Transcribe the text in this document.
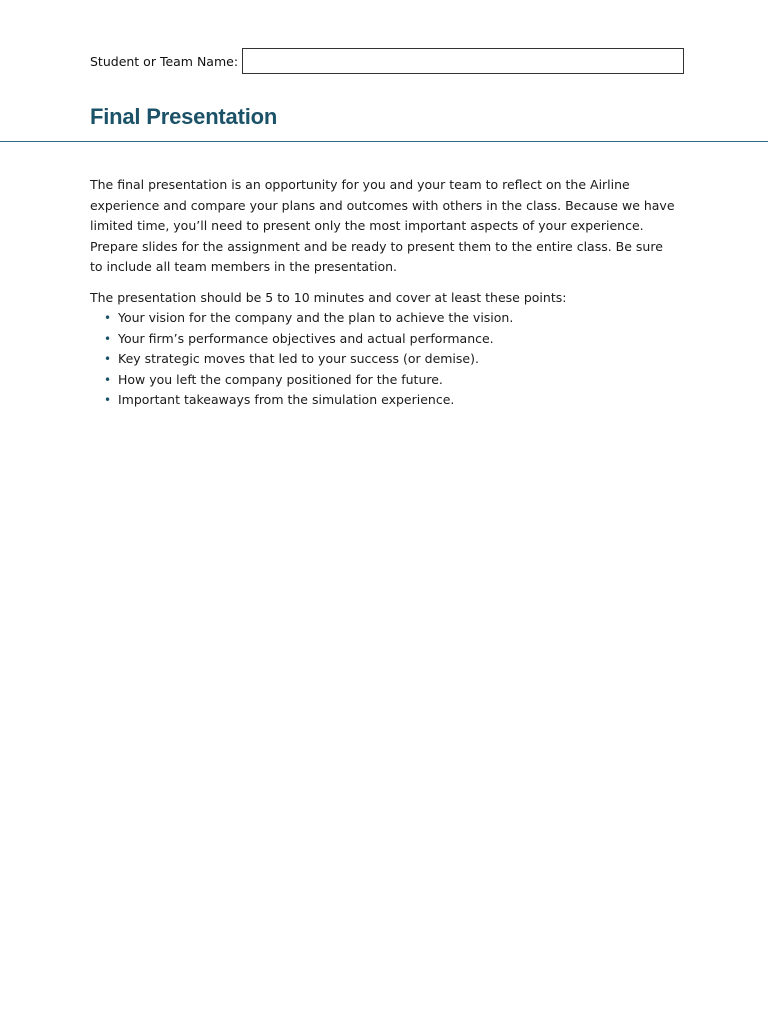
Student or Team Name:
Final Presentation

The final presentation is an opportunity for you and your team to reflect on the Airline experience and compare your plans and outcomes with others in the class. Because we have limited time, you’ll need to present only the most important aspects of your experience. Prepare slides for the assignment and be ready to present them to the entire class. Be sure to include all team members in the presentation.

The presentation should be 5 to 10 minutes and cover at least these points:

• Your vision for the company and the plan to achieve the vision.
• Your firm’s performance objectives and actual performance.
• Key strategic moves that led to your success (or demise).
• How you left the company positioned for the future.
• Important takeaways from the simulation experience.
